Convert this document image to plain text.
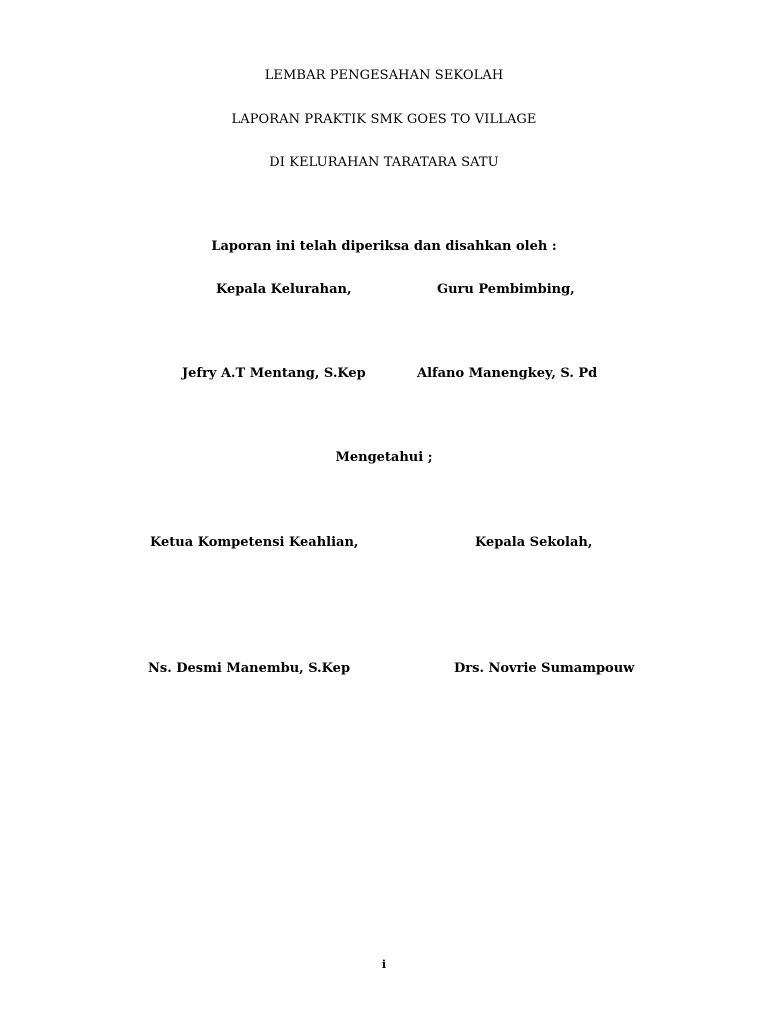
LEMBAR PENGESAHAN SEKOLAH
LAPORAN PRAKTIK SMK GOES TO VILLAGE
DI KELURAHAN TARATARA SATU
Laporan ini telah diperiksa dan disahkan oleh :
Kepala Kelurahan,	Guru Pembimbing,
Jefry A.T Mentang, S.Kep	Alfano Manengkey, S. Pd
Mengetahui ;
Ketua Kompetensi Keahlian,	Kepala Sekolah,
Ns. Desmi Manembu, S.Kep	Drs. Novrie Sumampouw
i
